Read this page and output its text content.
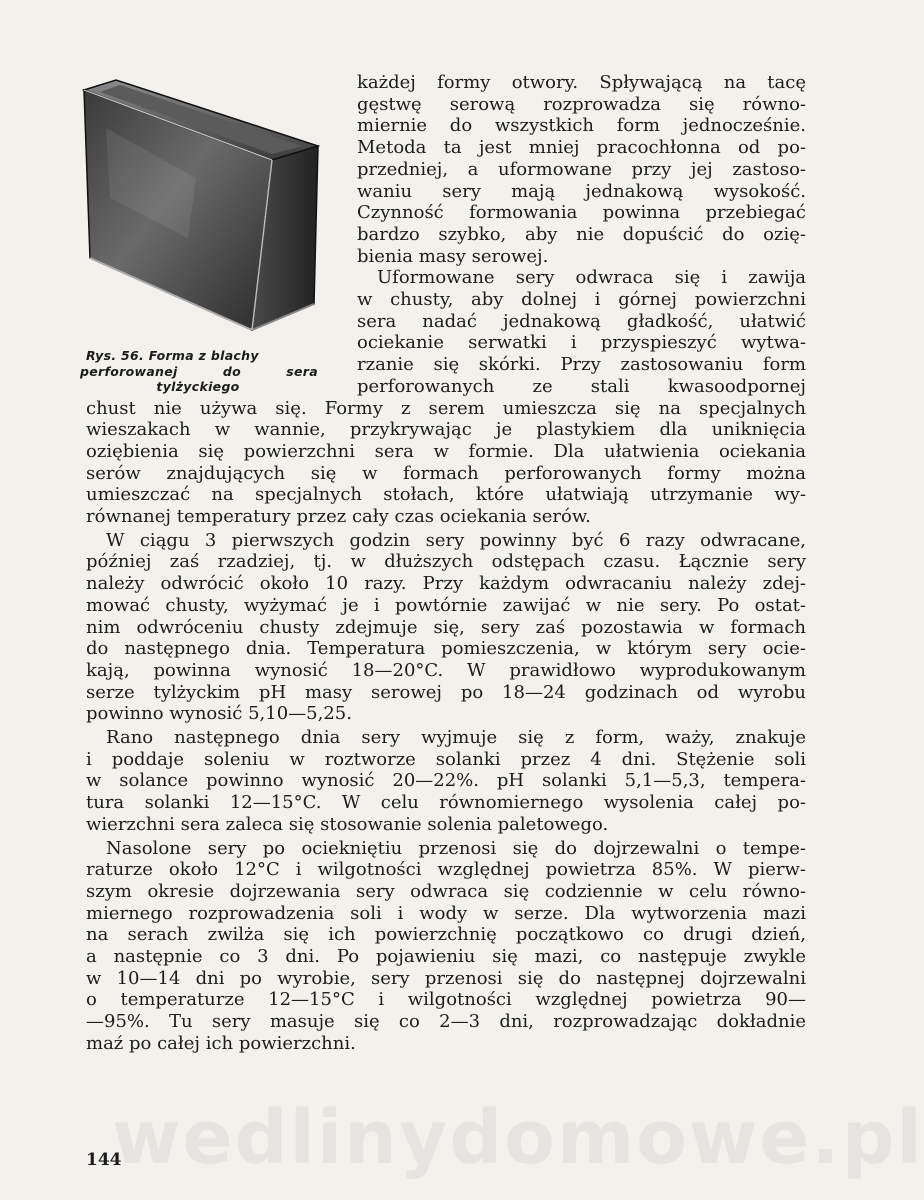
Rys. 56. Forma z blachy
perforowanej do sera
tylżyckiego
każdej formy otwory. Spływającą na tacę
gęstwę serową rozprowadza się równo-
miernie do wszystkich form jednocześnie.
Metoda ta jest mniej pracochłonna od po-
przedniej, a uformowane przy jej zastoso-
waniu sery mają jednakową wysokość.
Czynność formowania powinna przebiegać
bardzo szybko, aby nie dopuścić do ozię-
bienia masy serowej.
Uformowane sery odwraca się i zawija
w chusty, aby dolnej i górnej powierzchni
sera nadać jednakową gładkość, ułatwić
ociekanie serwatki i przyspieszyć wytwa-
rzanie się skórki. Przy zastosowaniu form
perforowanych ze stali kwasoodpornej
chust nie używa się. Formy z serem umieszcza się na specjalnych
wieszakach w wannie, przykrywając je plastykiem dla uniknięcia
oziębienia się powierzchni sera w formie. Dla ułatwienia ociekania
serów znajdujących się w formach perforowanych formy można
umieszczać na specjalnych stołach, które ułatwiają utrzymanie wy-
równanej temperatury przez cały czas ociekania serów.
W ciągu 3 pierwszych godzin sery powinny być 6 razy odwracane,
później zaś rzadziej, tj. w dłuższych odstępach czasu. Łącznie sery
należy odwrócić około 10 razy. Przy każdym odwracaniu należy zdej-
mować chusty, wyżymać je i powtórnie zawijać w nie sery. Po ostat-
nim odwróceniu chusty zdejmuje się, sery zaś pozostawia w formach
do następnego dnia. Temperatura pomieszczenia, w którym sery ocie-
kają, powinna wynosić 18—20°C. W prawidłowo wyprodukowanym
serze tylżyckim pH masy serowej po 18—24 godzinach od wyrobu
powinno wynosić 5,10—5,25.
Rano następnego dnia sery wyjmuje się z form, waży, znakuje
i poddaje soleniu w roztworze solanki przez 4 dni. Stężenie soli
w solance powinno wynosić 20—22%. pH solanki 5,1—5,3, tempera-
tura solanki 12—15°C. W celu równomiernego wysolenia całej po-
wierzchni sera zaleca się stosowanie solenia paletowego.
Nasolone sery po ociekniętiu przenosi się do dojrzewalni o tempe-
raturze około 12°C i wilgotności względnej powietrza 85%. W pierw-
szym okresie dojrzewania sery odwraca się codziennie w celu równo-
miernego rozprowadzenia soli i wody w serze. Dla wytworzenia mazi
na serach zwilża się ich powierzchnię początkowo co drugi dzień,
a następnie co 3 dni. Po pojawieniu się mazi, co następuje zwykle
w 10—14 dni po wyrobie, sery przenosi się do następnej dojrzewalni
o temperaturze 12—15°C i wilgotności względnej powietrza 90—
—95%. Tu sery masuje się co 2—3 dni, rozprowadzając dokładnie
maź po całej ich powierzchni.
144
wedlinydomowe.pl
